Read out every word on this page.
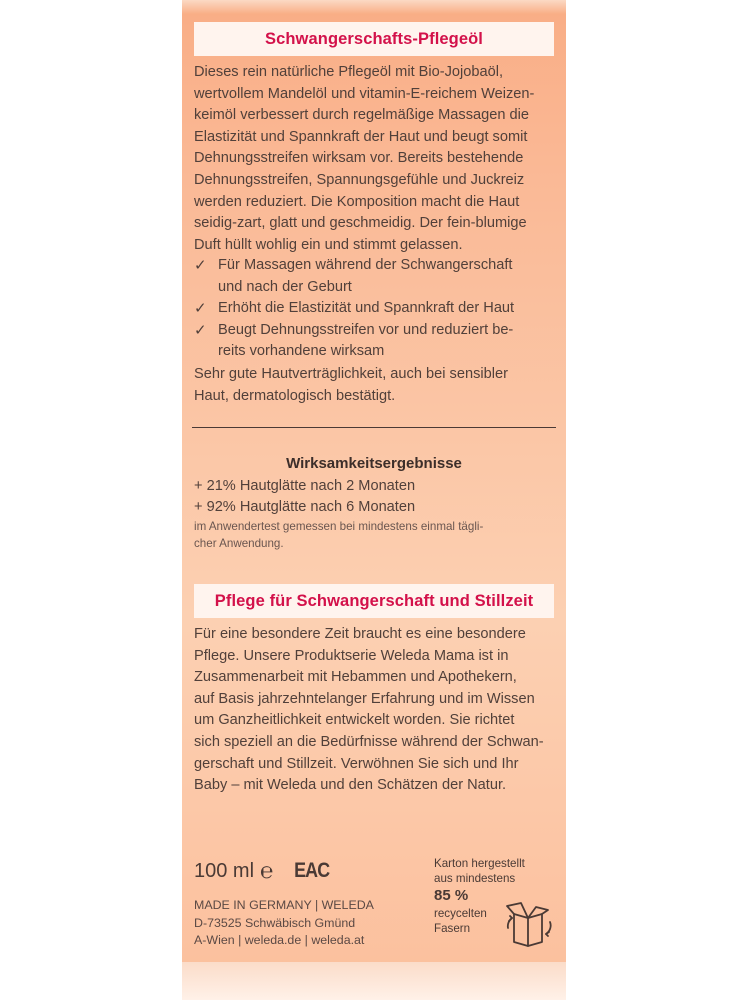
Schwangerschafts-Pflegeöl

Dieses rein natürliche Pflegeöl mit Bio-Jojobaöl,
wertvollem Mandelöl und vitamin-E-reichem Weizen-
keimöl verbessert durch regelmäßige Massagen die
Elastizität und Spannkraft der Haut und beugt somit
Dehnungsstreifen wirksam vor. Bereits bestehende
Dehnungsstreifen, Spannungsgefühle und Juckreiz
werden reduziert. Die Komposition macht die Haut
seidig-zart, glatt und geschmeidig. Der fein-blumige
Duft hüllt wohlig ein und stimmt gelassen.

✓ Für Massagen während der Schwangerschaft
und nach der Geburt
✓ Erhöht die Elastizität und Spannkraft der Haut
✓ Beugt Dehnungsstreifen vor und reduziert be-
reits vorhandene wirksam

Sehr gute Hautverträglichkeit, auch bei sensibler
Haut, dermatologisch bestätigt.

Wirksamkeitsergebnisse
+ 21% Hautglätte nach 2 Monaten
+ 92% Hautglätte nach 6 Monaten
im Anwendertest gemessen bei mindestens einmal tägli-
cher Anwendung.
Pflege für Schwangerschaft und Stillzeit

Für eine besondere Zeit braucht es eine besondere
Pflege. Unsere Produktserie Weleda Mama ist in
Zusammenarbeit mit Hebammen und Apothekern,
auf Basis jahrzehntelanger Erfahrung und im Wissen
um Ganzheitlichkeit entwickelt worden. Sie richtet
sich speziell an die Bedürfnisse während der Schwan-
gerschaft und Stillzeit. Verwöhnen Sie sich und Ihr
Baby – mit Weleda und den Schätzen der Natur.

100 ml ℮ EAC
MADE IN GERMANY | WELEDA
D-73525 Schwäbisch Gmünd
A-Wien | weleda.de | weleda.at
Karton hergestellt
aus mindestens
85 %
recycelten
Fasern
